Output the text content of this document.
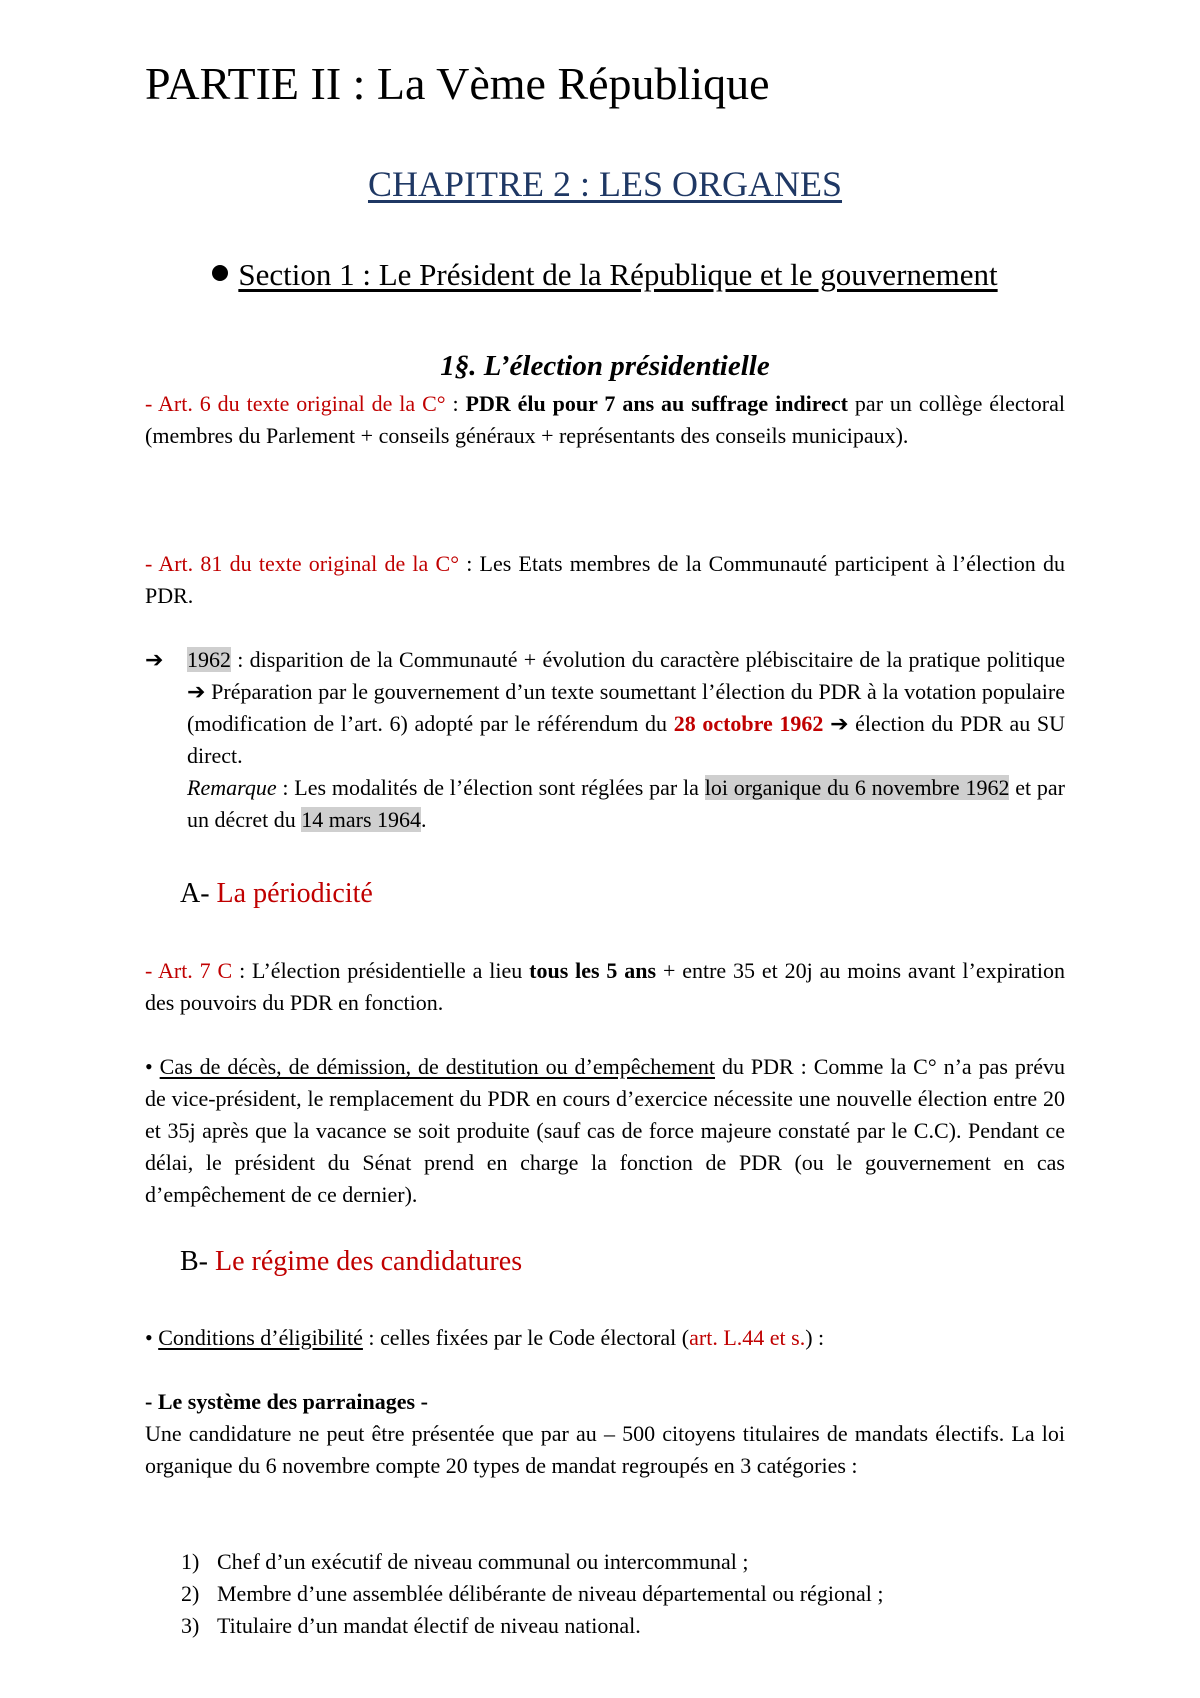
PARTIE II : La Vème République
CHAPITRE 2 : LES ORGANES
Section 1 : Le Président de la République et le gouvernement
1§. L’élection présidentielle
- Art. 6 du texte original de la C° : PDR élu pour 7 ans au suffrage indirect par un collège électoral (membres du Parlement + conseils généraux + représentants des conseils municipaux).
- Art. 81 du texte original de la C° : Les Etats membres de la Communauté participent à l’élection du PDR.
➔ 1962 : disparition de la Communauté + évolution du caractère plébiscitaire de la pratique politique ➔ Préparation par le gouvernement d’un texte soumettant l’élection du PDR à la votation populaire (modification de l’art. 6) adopté par le référendum du 28 octobre 1962 ➔ élection du PDR au SU direct.
Remarque : Les modalités de l’élection sont réglées par la loi organique du 6 novembre 1962 et par un décret du 14 mars 1964.
A- La périodicité
- Art. 7 C : L’élection présidentielle a lieu tous les 5 ans + entre 35 et 20j au moins avant l’expiration des pouvoirs du PDR en fonction.
• Cas de décès, de démission, de destitution ou d’empêchement du PDR : Comme la C° n’a pas prévu de vice-président, le remplacement du PDR en cours d’exercice nécessite une nouvelle élection entre 20 et 35j après que la vacance se soit produite (sauf cas de force majeure constaté par le C.C). Pendant ce délai, le président du Sénat prend en charge la fonction de PDR (ou le gouvernement en cas d’empêchement de ce dernier).
B- Le régime des candidatures
• Conditions d’éligibilité : celles fixées par le Code électoral (art. L.44 et s.) :
- Le système des parrainages -
Une candidature ne peut être présentée que par au – 500 citoyens titulaires de mandats électifs. La loi organique du 6 novembre compte 20 types de mandat regroupés en 3 catégories :
1) Chef d’un exécutif de niveau communal ou intercommunal ;
2) Membre d’une assemblée délibérante de niveau départemental ou régional ;
3) Titulaire d’un mandat électif de niveau national.
